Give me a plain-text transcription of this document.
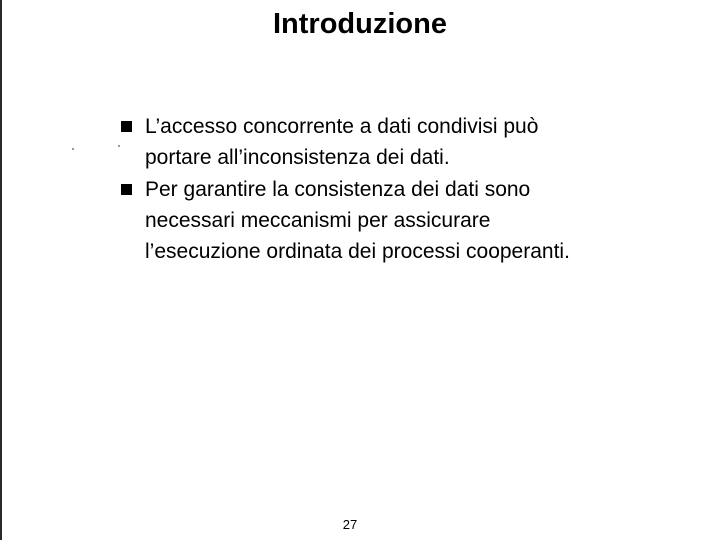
Introduzione
L’accesso concorrente a dati condivisi può
portare all’inconsistenza dei dati.
Per garantire la consistenza dei dati sono
necessari meccanismi per assicurare
l’esecuzione ordinata dei processi cooperanti.
27
